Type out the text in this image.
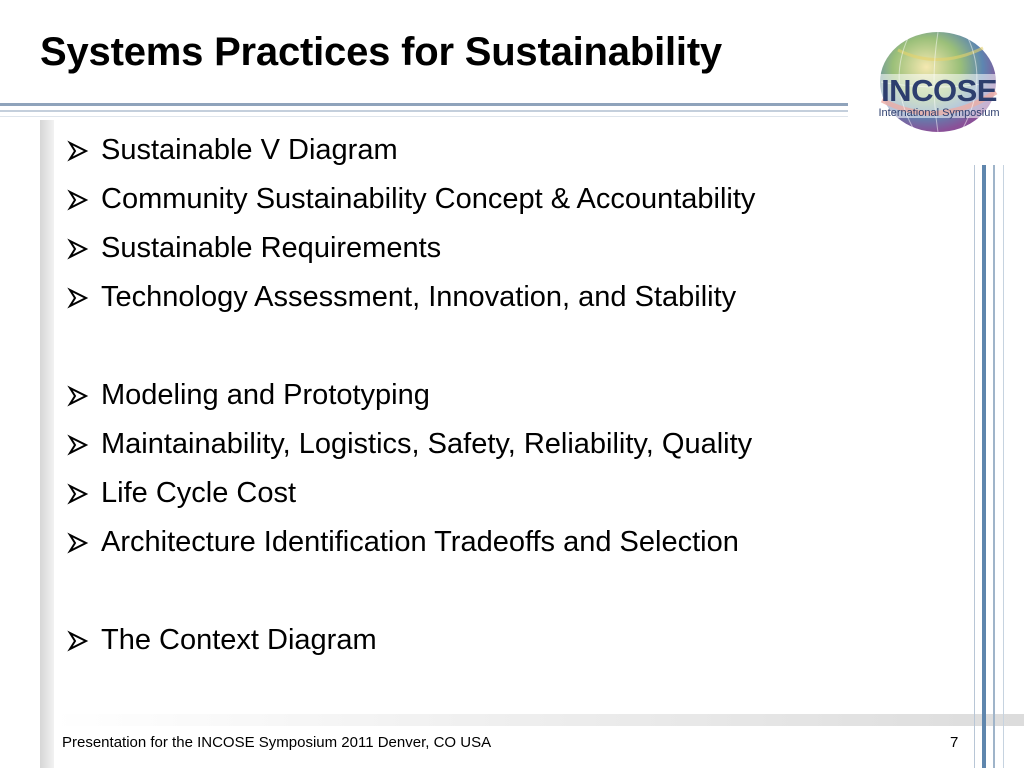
Systems Practices for Sustainability
INCOSE
International Symposium
Sustainable V Diagram
Community Sustainability Concept & Accountability
Sustainable Requirements
Technology Assessment, Innovation, and Stability
Modeling and Prototyping
Maintainability, Logistics, Safety, Reliability, Quality
Life Cycle Cost
Architecture Identification Tradeoffs and Selection
The Context Diagram
Presentation for the INCOSE Symposium 2011 Denver, CO USA	7
